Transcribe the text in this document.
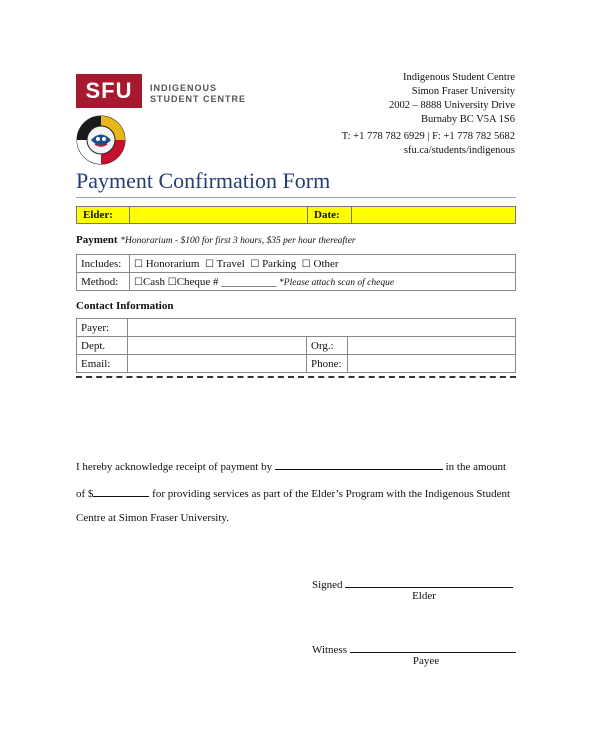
SFU INDIGENOUS
STUDENT CENTRE
Indigenous Student Centre
Simon Fraser University
2002 – 8888 University Drive
Burnaby BC V5A 1S6
T: +1 778 782 6929 | F: +1 778 782 5682
sfu.ca/students/indigenous
Payment Confirmation Form
Elder:	Date:
Payment *Honorarium - $100 for first 3 hours, $35 per hour thereafter
Includes:	☐ Honorarium ☐ Travel ☐ Parking ☐ Other
Method:	☐Cash ☐Cheque # __________ *Please attach scan of cheque
Contact Information
Payer:			
Dept.		Org.:	
Email:		Phone:	
I hereby acknowledge receipt of payment by	in the amount
of $	for providing services as part of the Elder’s Program with the Indigenous Student
Centre at Simon Fraser University.
Signed
Elder
Witness
Payee
